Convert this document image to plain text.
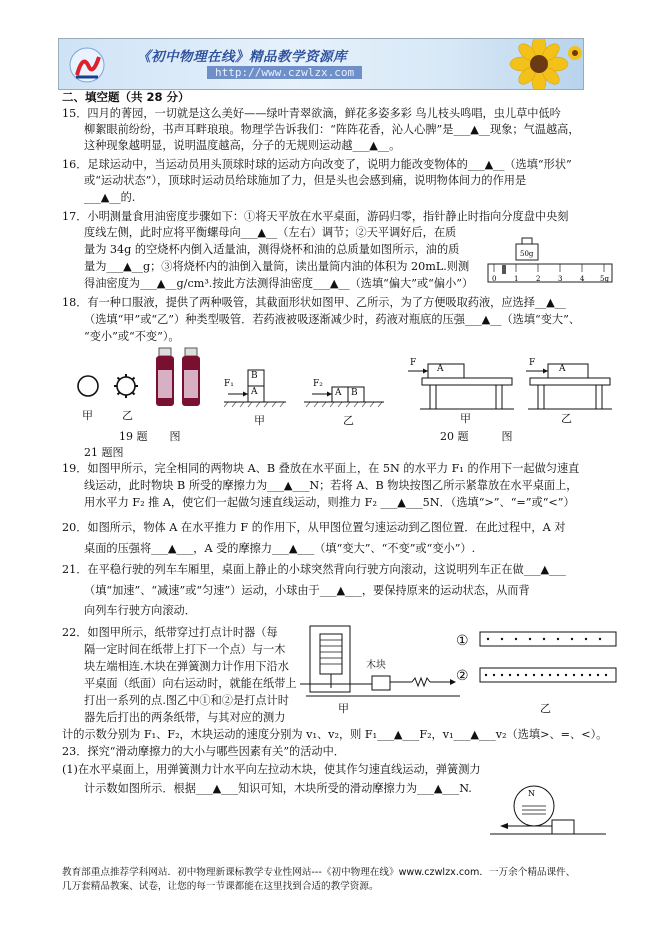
《初中物理在线》精品教学资源库
http://www.czwlzx.com
二、填空题（共 28 分）
15．四月的菁园，一切就是这么美好——绿叶青翠欲滴，鲜花多姿多彩 鸟儿枝头鸣唱，虫儿草中低吟
柳絮眼前纷纷，书声耳畔琅琅。物理学告诉我们：“阵阵花香，沁人心脾”是___▲__现象；气温越高，
这种现象越明显，说明温度越高，分子的无规则运动越___▲__。
16．足球运动中，当运动员用头顶球时球的运动方向改变了，说明力能改变物体的___▲__（选填“形状”
或“运动状态”），顶球时运动员给球施加了力，但是头也会感到痛，说明物体间力的作用是
___▲__的.
17．小明测量食用油密度步骤如下：①将天平放在水平桌面，游码归零，指针静止时指向分度盘中央刻
度线左侧，此时应将平衡螺母向___▲__（左右）调节；②天平调好后，在质
量为 34g 的空烧杯内倒入适量油，测得烧杯和油的总质量如图所示，油的质
量为___▲__g；③将烧杯内的油倒入量筒，读出量筒内油的体积为 20mL.则测
得油密度为___▲__g/cm³.按此方法测得油密度___▲__（选填“偏大”或“偏小”）
18．有一种口服液，提供了两种吸管，其截面形状如图甲、乙所示，为了方便吸取药液，应选择__▲__
（选填“甲”或“乙”）种类型吸管．若药液被吸逐渐减少时，药液对瓶底的压强___▲__（选填“变大”、
“变小”或“不变”）。
50g
0	1	2	3	4 5g
甲	乙
19 题　　图
21 题图
甲	乙
20 题　　　图
甲	乙
B
A
F₁
A B
F₂
A
F
A
F
19．如图甲所示，完全相同的两物块 A、B 叠放在水平面上，在 5N 的水平力 F₁ 的作用下一起做匀速直
线运动，此时物块 B 所受的摩擦力为___▲___N；若将 A、B 物块按图乙所示紧靠放在水平桌面上，
用水平力 F₂ 推 A，使它们一起做匀速直线运动，则推力 F₂ ___▲___5N．（选填“>”、“=”或“<”）
20．如图所示，物体 A 在水平推力 F 的作用下，从甲图位置匀速运动到乙图位置．在此过程中，A 对
桌面的压强将___▲___，A 受的摩擦力___▲___（填“变大”、“不变”或“变小”）.
21．在平稳行驶的列车车厢里，桌面上静止的小球突然背向行驶方向滚动，这说明列车正在做___▲___
（填“加速”、“减速”或“匀速”）运动，小球由于___▲___，要保持原来的运动状态，从而背
向列车行驶方向滚动．
22．如图甲所示，纸带穿过打点计时器（每
隔一定时间在纸带上打下一个点）与一木
块左端相连.木块在弹簧测力计作用下沿水
平桌面（纸面）向右运动时，就能在纸带上
打出一系列的点.图乙中①和②是打点计时
器先后打出的两条纸带，与其对应的测力
①
②
木块
甲	乙
计的示数分别为 F₁、F₂，木块运动的速度分别为 v₁、v₂，则 F₁___▲___F₂，v₁___▲___v₂（选填>、=、<）。
23．探究“滑动摩擦力的大小与哪些因素有关”的活动中．
(1)在水平桌面上，用弹簧测力计水平向左拉动木块，使其作匀速直线运动，弹簧测力
计示数如图所示．根据___▲___知识可知，木块所受的滑动摩擦力为___▲___N.	N
教育部重点推荐学科网站．初中物理新课标教学专业性网站---《初中物理在线》www.czwlzx.com．一万余个精品课件、
几万套精品教案、试卷，让您的每一节课都能在这里找到合适的教学资源。
